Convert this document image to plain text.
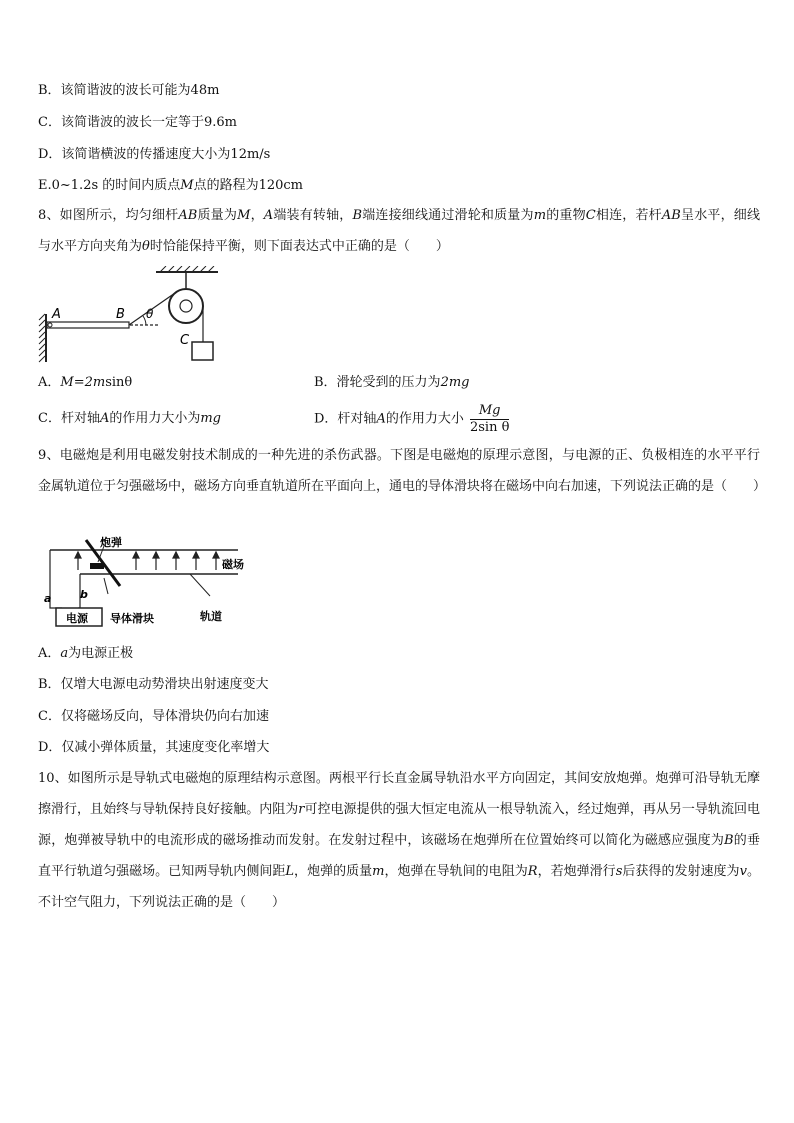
B．该简谐波的波长可能为48m
C．该简谐波的波长一定等于9.6m
D．该简谐横波的传播速度大小为12m/s
E.0~1.2s 的时间内质点M点的路程为120cm
8、如图所示，均匀细杆AB质量为M，A端装有转轴，B端连接细线通过滑轮和质量为m的重物C相连，若杆AB呈水平，细线与水平方向夹角为θ时恰能保持平衡，则下面表达式中正确的是（　　）
A	B θ
C
A．M=2msinθ	B．滑轮受到的压力为2mg
C．杆对轴A的作用力大小为mg	D．杆对轴A的作用力大小 $\frac{Mg}{\text{2sin θ}}$
9、电磁炮是利用电磁发射技术制成的一种先进的杀伤武器。下图是电磁炮的原理示意图，与电源的正、负极相连的水平平行金属轨道位于匀强磁场中，磁场方向垂直轨道所在平面向上，通电的导体滑块将在磁场中向右加速，下列说法正确的是（　　）
电源
炮弹
磁场
a	b
导体滑块	轨道
A．a为电源正极
B．仅增大电源电动势滑块出射速度变大
C．仅将磁场反向，导体滑块仍向右加速
D．仅减小弹体质量，其速度变化率增大
10、如图所示是导轨式电磁炮的原理结构示意图。两根平行长直金属导轨沿水平方向固定，其间安放炮弹。炮弹可沿导轨无摩擦滑行，且始终与导轨保持良好接触。内阻为r可控电源提供的强大恒定电流从一根导轨流入，经过炮弹，再从另一导轨流回电源，炮弹被导轨中的电流形成的磁场推动而发射。在发射过程中，该磁场在炮弹所在位置始终可以简化为磁感应强度为B的垂直平行轨道匀强磁场。已知两导轨内侧间距L，炮弹的质量m，炮弹在导轨间的电阻为R，若炮弹滑行s后获得的发射速度为v。不计空气阻力，下列说法正确的是（　　）
